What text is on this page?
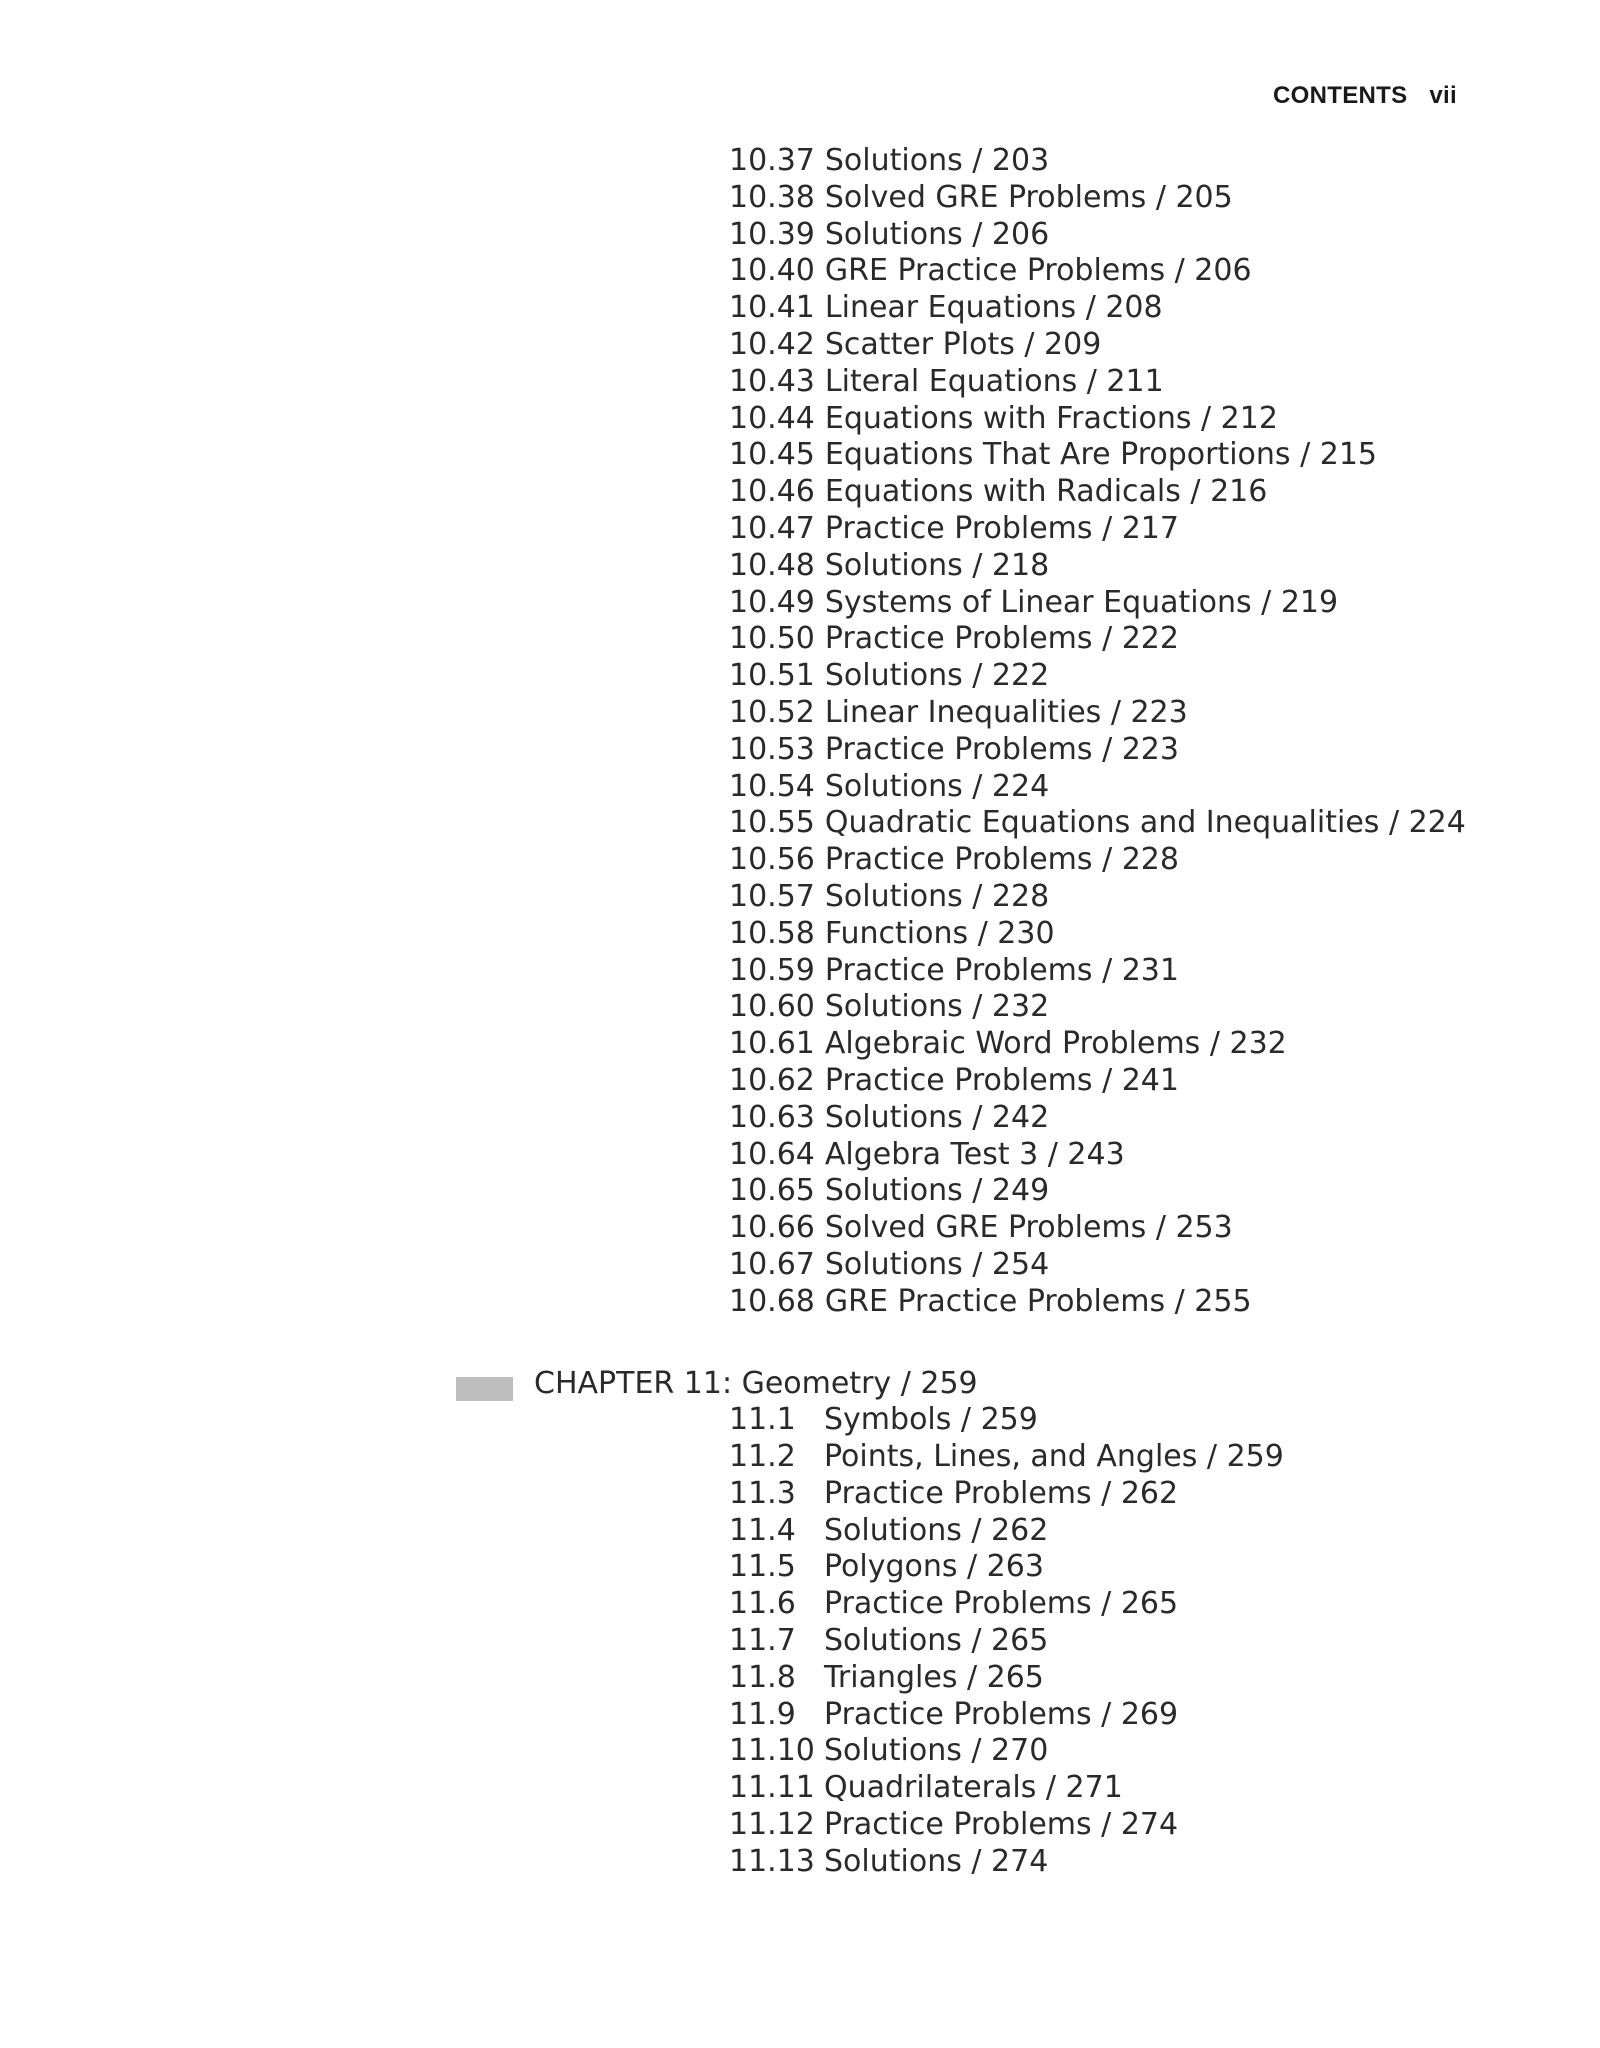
CONTENTS vii
10.37 Solutions / 203
10.38 Solved GRE Problems / 205
10.39 Solutions / 206
10.40 GRE Practice Problems / 206
10.41 Linear Equations / 208
10.42 Scatter Plots / 209
10.43 Literal Equations / 211
10.44 Equations with Fractions / 212
10.45 Equations That Are Proportions / 215
10.46 Equations with Radicals / 216
10.47 Practice Problems / 217
10.48 Solutions / 218
10.49 Systems of Linear Equations / 219
10.50 Practice Problems / 222
10.51 Solutions / 222
10.52 Linear Inequalities / 223
10.53 Practice Problems / 223
10.54 Solutions / 224
10.55 Quadratic Equations and Inequalities / 224
10.56 Practice Problems / 228
10.57 Solutions / 228
10.58 Functions / 230
10.59 Practice Problems / 231
10.60 Solutions / 232
10.61 Algebraic Word Problems / 232
10.62 Practice Problems / 241
10.63 Solutions / 242
10.64 Algebra Test 3 / 243
10.65 Solutions / 249
10.66 Solved GRE Problems / 253
10.67 Solutions / 254
10.68 GRE Practice Problems / 255
CHAPTER 11: Geometry / 259
11.1 Symbols / 259
11.2 Points, Lines, and Angles / 259
11.3 Practice Problems / 262
11.4 Solutions / 262
11.5 Polygons / 263
11.6 Practice Problems / 265
11.7 Solutions / 265
11.8 Triangles / 265
11.9 Practice Problems / 269
11.10 Solutions / 270
11.11 Quadrilaterals / 271
11.12 Practice Problems / 274
11.13 Solutions / 274
